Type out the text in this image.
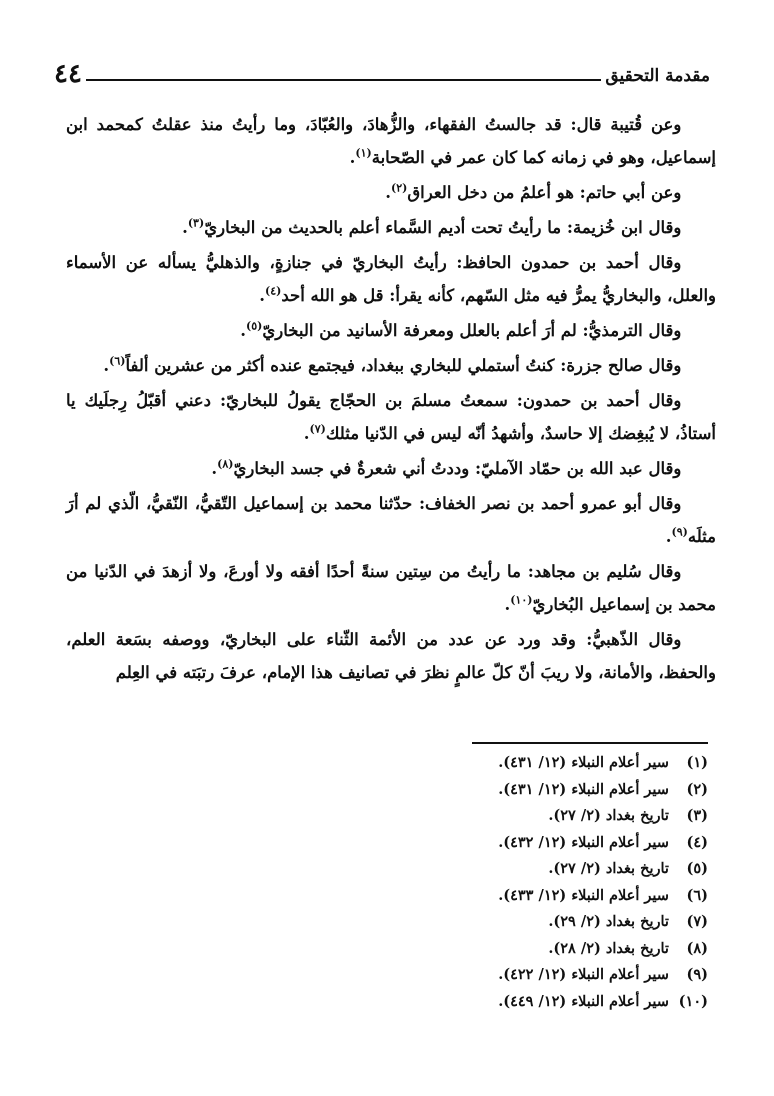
مقدمة التحقيق
٤٤

وعن قُتيبة قال: قد جالستُ الفقهاء، والزُّهادَ، والعُبّادَ، وما رأيتُ منذ عقلتُ كمحمد ابن إسماعيل، وهو في زمانه كما كان عمر في الصّحابة$^{(١)}$.

وعن أبي حاتم: هو أعلمُ من دخل العراق$^{(٢)}$.

وقال ابن خُزيمة: ما رأيتُ تحت أديم السَّماء أعلم بالحديث من البخاريّ$^{(٣)}$.

وقال أحمد بن حمدون الحافظ: رأيتُ البخاريّ في جنازةٍ، والذهليُّ يسأله عن الأسماء والعلل، والبخاريُّ يمرُّ فيه مثل السّهم، كأنه يقرأ: قل هو الله أحد$^{(٤)}$.

وقال الترمذيُّ: لم أرَ أعلم بالعلل ومعرفة الأسانيد من البخاريّ$^{(٥)}$.

وقال صالح جزرة: كنتُ أستملي للبخاري ببغداد، فيجتمع عنده أكثر من عشرين ألفاً$^{(٦)}$.

وقال أحمد بن حمدون: سمعتُ مسلمَ بن الحجّاج يقولُ للبخاريّ: دعني أقبّلُ رِجلَيك يا أستاذُ، لا يُبغِضك إلا حاسدٌ، وأشهدُ أنّه ليس في الدّنيا مثلك$^{(٧)}$.

وقال عبد الله بن حمّاد الآمليّ: وددتُ أني شعرةٌ في جسد البخاريّ$^{(٨)}$.

وقال أبو عمرو أحمد بن نصر الخفاف: حدّثنا محمد بن إسماعيل التّقيُّ، النّقيُّ، الّذي لم أرَ مثلَه$^{(٩)}$.

وقال سُليم بن مجاهد: ما رأيتُ من سِتين سنةً أحدًا أفقه ولا أورعَ، ولا أزهدَ في الدّنيا من محمد بن إسماعيل البُخاريّ$^{(١٠)}$.

وقال الذّهبيُّ: وقد ورد عن عدد من الأئمة الثّناء على البخاريّ، ووصفه بسَعة العلم، والحفظ، والأمانة، ولا ريبَ أنّ كلّ عالمٍ نظرَ في تصانيف هذا الإمام، عرفَ رتبَته في العِلم

(١)

سير أعلام النبلاء (١٢/ ٤٣١).
(٢)

سير أعلام النبلاء (١٢/ ٤٣١).
(٣)

تاريخ بغداد (٢/ ٢٧).
(٤)

سير أعلام النبلاء (١٢/ ٤٣٢).
(٥)

تاريخ بغداد (٢/ ٢٧).
(٦)

سير أعلام النبلاء (١٢/ ٤٣٣).
(٧)

تاريخ بغداد (٢/ ٢٩).
(٨)

تاريخ بغداد (٢/ ٢٨).
(٩)

سير أعلام النبلاء (١٢/ ٤٢٢).
(١٠)

سير أعلام النبلاء (١٢/ ٤٤٩).
